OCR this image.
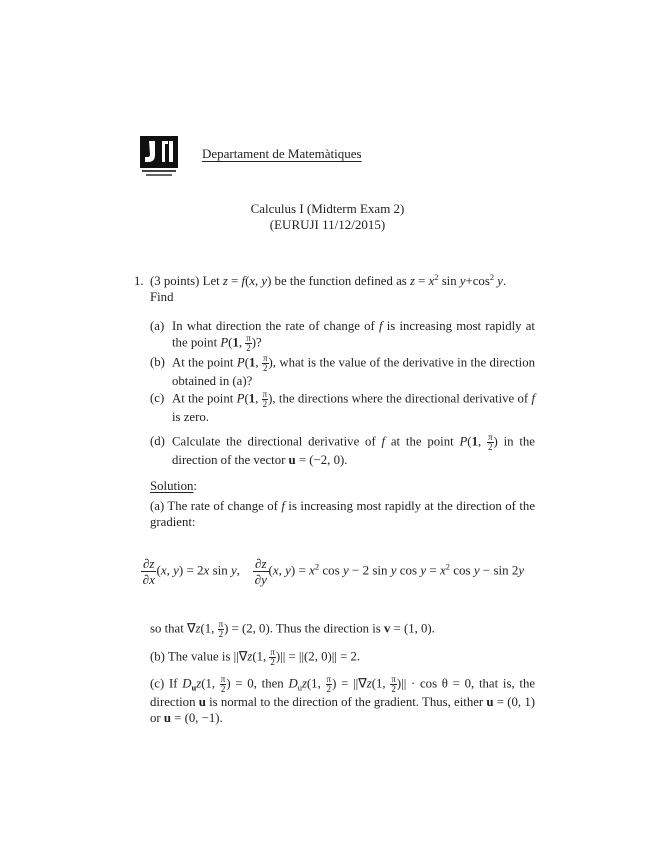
Departament de Matemàtiques
Calculus I (Midterm Exam 2)
(EURUJI 11/12/2015)
1. (3 points) Let z = f(x, y) be the function defined as $z = x^2$ $\sin y+\cos^2$ y.
Find
(a) In what direction the rate of change of f is increasing most rapidly at the point P(1, $\frac{\pi}{2}$ )?
(b) At the point P(1, $\frac{\pi}{2}$ ), what is the value of the derivative in the direction obtained in (a)?
(c) At the point P(1, $\frac{\pi}{2}$ ), the directions where the directional derivative of f is zero.
(d) Calculate the directional derivative of f at the point P(1, $\frac{\pi}{2}$ ) in the direction of the vector u = (−2, 0).
Solution:
(a) The rate of change of f is increasing most rapidly at the direction of the gradient:
$\frac{\partial z}{\partial x}(x$, y) = 2x sin y, $\frac{\partial z}{\partial y}(x$, $y) = x^2$ cos y − 2 sin y $\cos y = x^2$ cos y − sin 2y
so that ∇z(1, $\frac{\pi}{2}$ ) = (2, 0). Thus the direction is v = (1, 0).
(b) The value is ||∇z(1, $\frac{\pi}{2}$ )|| = ||(2, 0)|| = 2.
(c) If $D_uz(1$, $\frac{\pi}{2}$ ) = 0, then $D_uz(1$, $\frac{\pi}{2}$ ) = ||∇z(1, $\frac{\pi}{2}$ )|| · cos θ = 0, that is, the direction u is normal to the direction of the gradient. Thus, either u = (0, 1) or u = (0, −1).
